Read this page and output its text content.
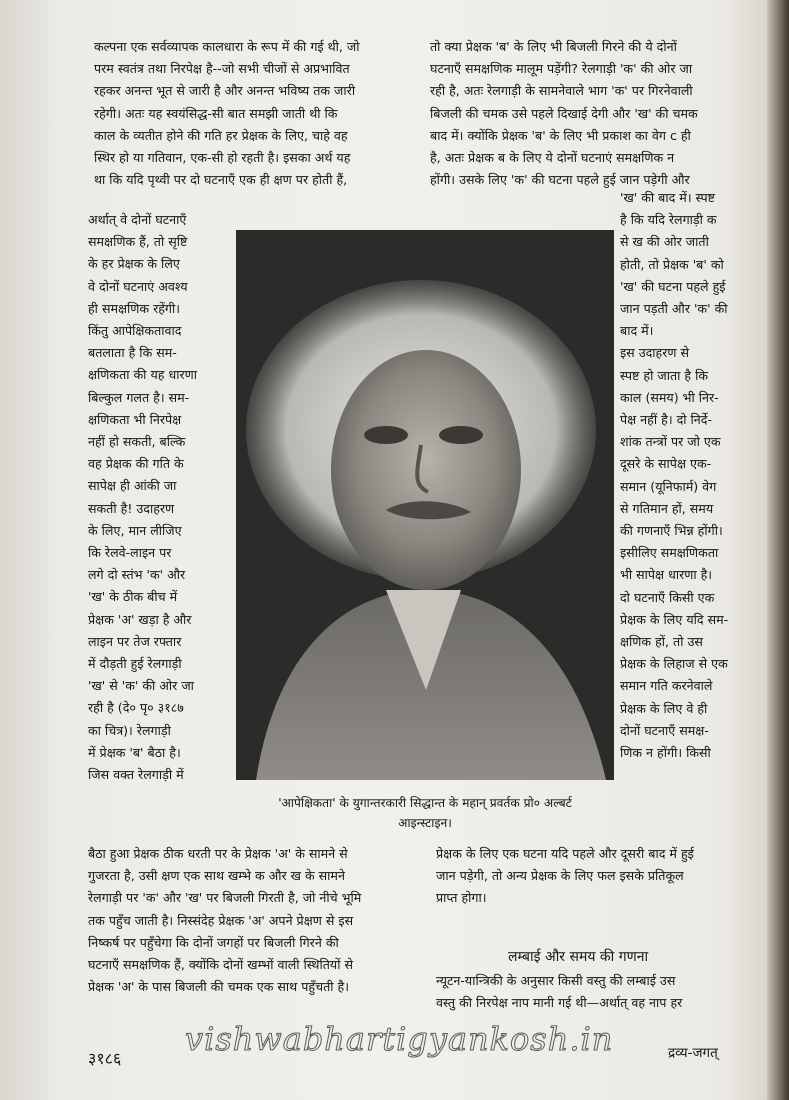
कल्पना एक सर्वव्यापक कालधारा के रूप में की गई थी, जो
परम स्वतंत्र तथा निरपेक्ष है--जो सभी चीजों से अप्रभावित
रहकर अनन्त भूत से जारी है और अनन्त भविष्य तक जारी
रहेगी। अतः यह स्वयंसिद्ध-सी बात समझी जाती थी कि
काल के व्यतीत होने की गति हर प्रेक्षक के लिए, चाहे वह
स्थिर हो या गतिवान, एक-सी हो रहती है। इसका अर्थ यह
था कि यदि पृथ्वी पर दो घटनाएँ एक ही क्षण पर होती हैं,
अर्थात् वे दोनों घटनाएँ
समक्षणिक हैं, तो सृष्टि
के हर प्रेक्षक के लिए
वे दोनों घटनाएं अवश्य
ही समक्षणिक रहेंगी।
किंतु आपेक्षिकतावाद
बतलाता है कि सम-
क्षणिकता की यह धारणा
बिल्कुल गलत है। सम-
क्षणिकता भी निरपेक्ष
नहीं हो सकती, बल्कि
वह प्रेक्षक की गति के
सापेक्ष ही आंकी जा
सकती है! उदाहरण
के लिए, मान लीजिए
कि रेलवे-लाइन पर
लगे दो स्तंभ 'क' और
'ख' के ठीक बीच में
प्रेक्षक 'अ' खड़ा है और
लाइन पर तेज रफ्तार
में दौड़ती हुई रेलगाड़ी
'ख' से 'क' की ओर जा
रही है (दे० पृ० ३१८७
का चित्र)। रेलगाड़ी
में प्रेक्षक 'ब' बैठा है।
जिस वक्त रेलगाड़ी में
तो क्या प्रेक्षक 'ब' के लिए भी बिजली गिरने की ये दोनों
घटनाएँ समक्षणिक मालूम पड़ेंगी? रेलगाड़ी 'क' की ओर जा
रही है, अतः रेलगाड़ी के सामनेवाले भाग 'क' पर गिरनेवाली
बिजली की चमक उसे पहले दिखाई देगी और 'ख' की चमक
बाद में। क्योंकि प्रेक्षक 'ब' के लिए भी प्रकाश का वेग c ही
है, अतः प्रेक्षक ब के लिए ये दोनों घटनाएं समक्षणिक न
होंगी। उसके लिए 'क' की घटना पहले हुई जान पड़ेगी और
'ख' की बाद में। स्पष्ट
है कि यदि रेलगाड़ी क
से ख की ओर जाती
होती, तो प्रेक्षक 'ब' को
'ख' की घटना पहले हुई
जान पड़ती और 'क' की
बाद में।
इस उदाहरण से
स्पष्ट हो जाता है कि
काल (समय) भी निर-
पेक्ष नहीं है। दो निर्दे-
शांक तन्त्रों पर जो एक
दूसरे के सापेक्ष एक-
समान (यूनिफार्म) वेग
से गतिमान हों, समय
की गणनाएँ भिन्न होंगी।
इसीलिए समक्षणिकता
भी सापेक्ष धारणा है।
दो घटनाएँ किसी एक
प्रेक्षक के लिए यदि सम-
क्षणिक हों, तो उस
प्रेक्षक के लिहाज से एक
समान गति करनेवाले
प्रेक्षक के लिए वे ही
दोनों घटनाएँ समक्ष-
णिक न होंगी। किसी
'आपेक्षिकता' के युगान्तरकारी सिद्धान्त के महान् प्रवर्तक प्रो० अल्बर्ट
आइन्स्टाइन।
बैठा हुआ प्रेक्षक ठीक धरती पर के प्रेक्षक 'अ' के सामने से
गुजरता है, उसी क्षण एक साथ खम्भे क और ख के सामने
रेलगाड़ी पर 'क' और 'ख' पर बिजली गिरती है, जो नीचे भूमि
तक पहुँच जाती है। निस्संदेह प्रेक्षक 'अ' अपने प्रेक्षण से इस
निष्कर्ष पर पहुँचेगा कि दोनों जगहों पर बिजली गिरने की
घटनाएँ समक्षणिक हैं, क्योंकि दोनों खम्भों वाली स्थितियों से
प्रेक्षक 'अ' के पास बिजली की चमक एक साथ पहुँचती है।
प्रेक्षक के लिए एक घटना यदि पहले और दूसरी बाद में हुई
जान पड़ेगी, तो अन्य प्रेक्षक के लिए फल इसके प्रतिकूल
प्राप्त होगा।
लम्बाई और समय की गणना
न्यूटन-यान्त्रिकी के अनुसार किसी वस्तु की लम्बाई उस
वस्तु की निरपेक्ष नाप मानी गई थी—अर्थात् वह नाप हर
३१८६	द्रव्य-जगत्
vishwabhartigyankosh.in
